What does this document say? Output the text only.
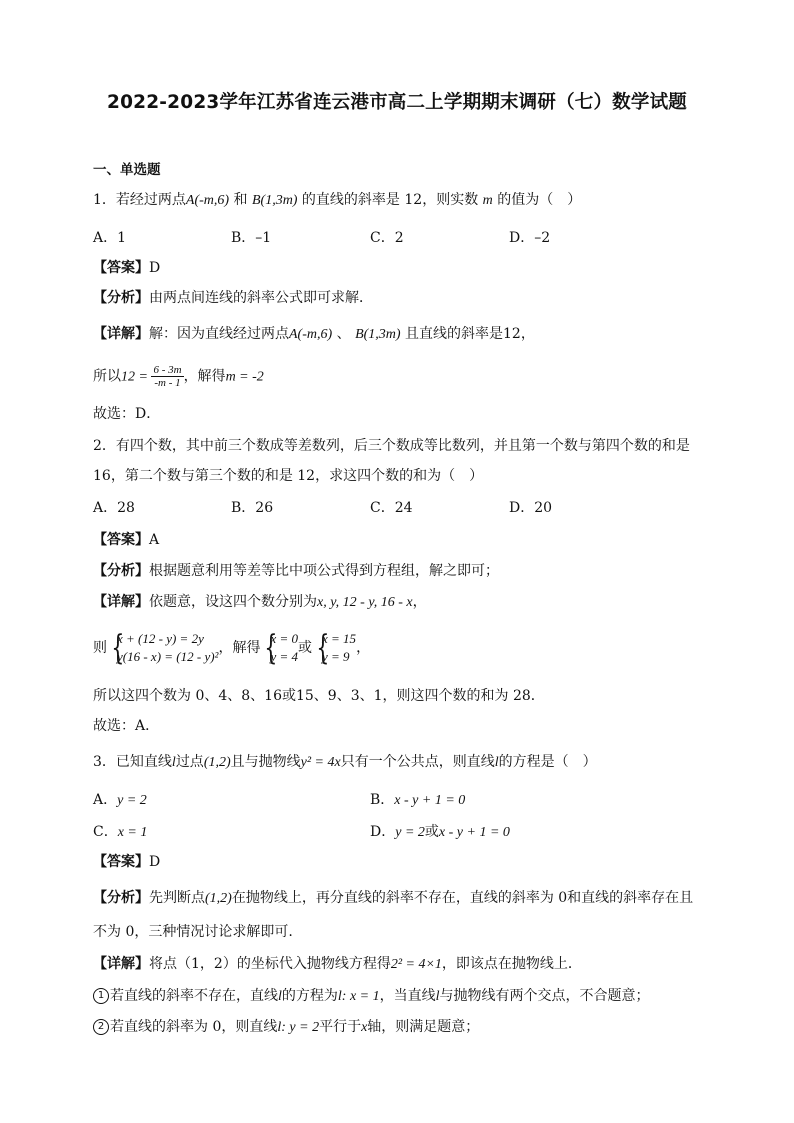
2022-2023学年江苏省连云港市高二上学期期末调研（七）数学试题
一、单选题
1．若经过两点A(-m,6) 和 B(1,3m) 的直线的斜率是 12，则实数 m 的值为（　）
A．1	B．–1	C．2	D．–2
【答案】D
【分析】由两点间连线的斜率公式即可求解．
【详解】解：因为直线经过两点A(-m,6) 、 B(1,3m) 且直线的斜率是12，
所以$12 = \frac{6 - 3m}{-m - 1}$ ，解得m = -2
故选：D．
2．有四个数，其中前三个数成等差数列，后三个数成等比数列，并且第一个数与第四个数的和是
16，第二个数与第三个数的和是 12，求这四个数的和为（　）
A．28	B．26	C．24	D．20
【答案】A
【分析】根据题意利用等差等比中项公式得到方程组，解之即可；
【详解】依题意，设这四个数分别为x, y, 12 - y, 16 - x，
则 {
x + (12 - y) = 2y
y(16 - x) = (12 - y)²
，解得 {
x = 0
y = 4
或 {
x = 15
y = 9
，
所以这四个数为 0、4、8、16或15、9、3、1，则这四个数的和为 28．
故选：A．
3．已知直线l过点(1,2)且与抛物线y² = 4x只有一个公共点，则直线l的方程是（　）
A．y = 2	B．x - y + 1 = 0
C．x = 1	D．y = 2或x - y + 1 = 0
【答案】D
【分析】先判断点(1,2)在抛物线上，再分直线的斜率不存在，直线的斜率为 0和直线的斜率存在且
不为 0，三种情况讨论求解即可.
【详解】将点（1，2）的坐标代入抛物线方程得2² = 4×1，即该点在抛物线上．
1 若直线的斜率不存在，直线l的方程为l: x = 1，当直线l与抛物线有两个交点，不合题意；
2 若直线的斜率为 0，则直线l: y = 2平行于x轴，则满足题意；
